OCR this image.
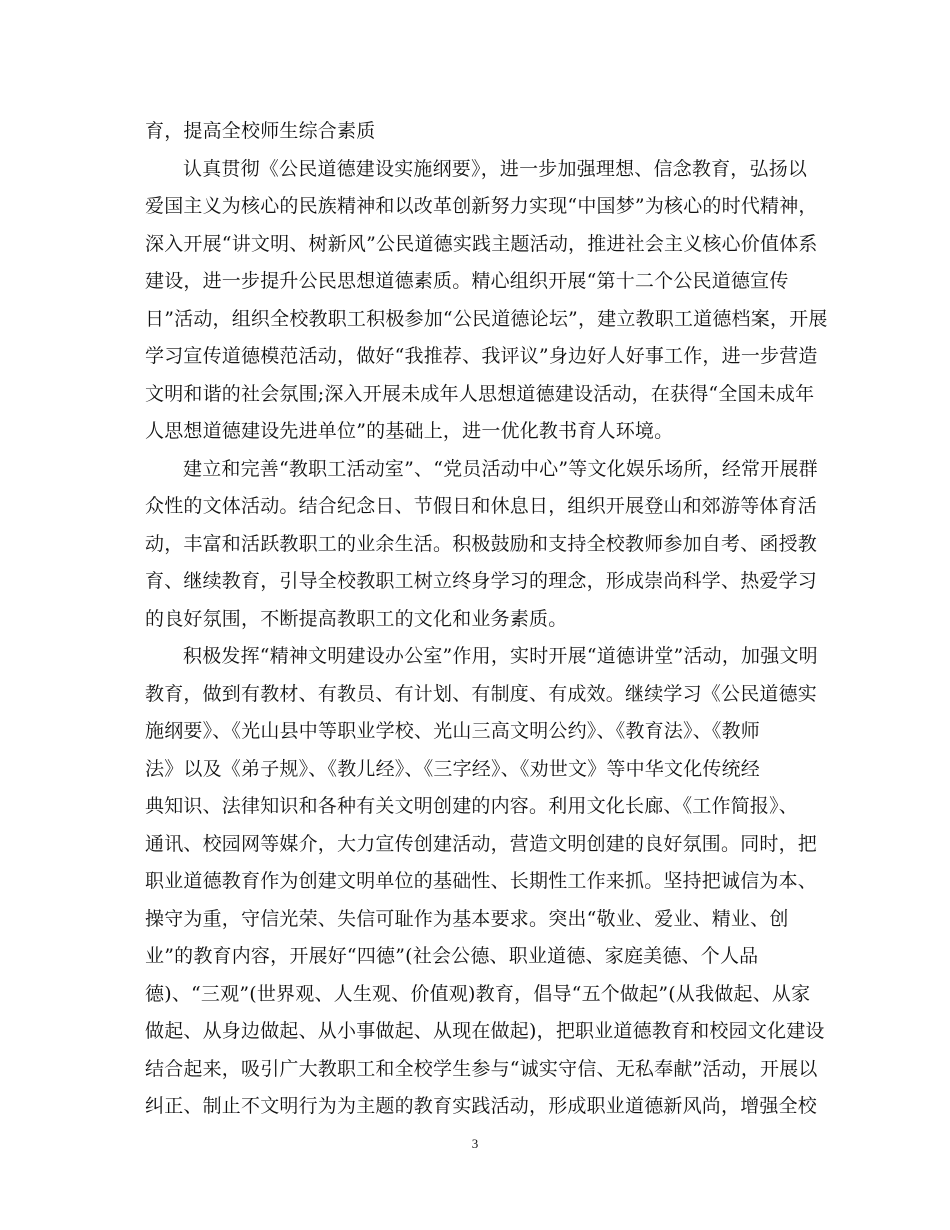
育，提高全校师生综合素质
认真贯彻《公民道德建设实施纲要》，进一步加强理想、信念教育，弘扬以
爱国主义为核心的民族精神和以改革创新努力实现“中国梦”为核心的时代精神，
深入开展“讲文明、树新风”公民道德实践主题活动，推进社会主义核心价值体系
建设，进一步提升公民思想道德素质。精心组织开展“第十二个公民道德宣传
日”活动，组织全校教职工积极参加“公民道德论坛”，建立教职工道德档案，开展
学习宣传道德模范活动，做好“我推荐、我评议”身边好人好事工作，进一步营造
文明和谐的社会氛围;深入开展未成年人思想道德建设活动，在获得“全国未成年
人思想道德建设先进单位”的基础上，进一优化教书育人环境。
建立和完善“教职工活动室”、“党员活动中心”等文化娱乐场所，经常开展群
众性的文体活动。结合纪念日、节假日和休息日，组织开展登山和郊游等体育活
动，丰富和活跃教职工的业余生活。积极鼓励和支持全校教师参加自考、函授教
育、继续教育，引导全校教职工树立终身学习的理念，形成崇尚科学、热爱学习
的良好氛围，不断提高教职工的文化和业务素质。
积极发挥“精神文明建设办公室”作用，实时开展“道德讲堂”活动，加强文明
教育，做到有教材、有教员、有计划、有制度、有成效。继续学习《公民道德实
施纲要》、《光山县中等职业学校、光山三高文明公约》、《教育法》、《教师
法》以及《弟子规》、《教儿经》、《三字经》、《劝世文》等中华文化传统经
典知识、法律知识和各种有关文明创建的内容。利用文化长廊、《工作简报》、
通讯、校园网等媒介，大力宣传创建活动，营造文明创建的良好氛围。同时，把
职业道德教育作为创建文明单位的基础性、长期性工作来抓。坚持把诚信为本、
操守为重，守信光荣、失信可耻作为基本要求。突出“敬业、爱业、精业、创
业”的教育内容，开展好“四德”(社会公德、职业道德、家庭美德、个人品
德)、“三观”(世界观、人生观、价值观)教育，倡导“五个做起”(从我做起、从家
做起、从身边做起、从小事做起、从现在做起)，把职业道德教育和校园文化建设
结合起来，吸引广大教职工和全校学生参与“诚实守信、无私奉献”活动，开展以
纠正、制止不文明行为为主题的教育实践活动，形成职业道德新风尚，增强全校
3
